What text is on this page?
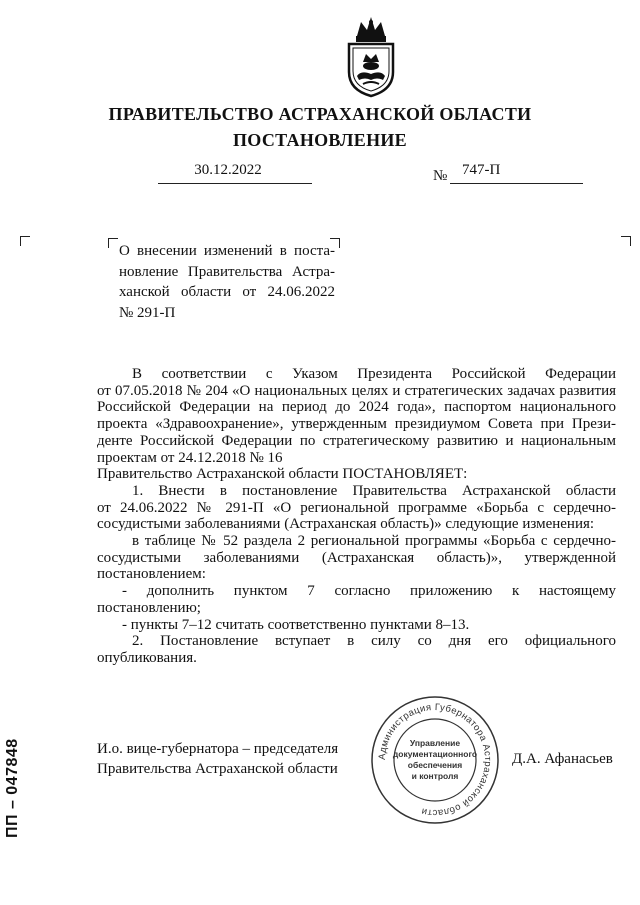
ПРАВИТЕЛЬСТВО АСТРАХАНСКОЙ ОБЛАСТИ
ПОСТАНОВЛЕНИЕ
30.12.2022	№ 747-П
О внесении изменений в поста-
новление Правительства Астра-
ханской области от 24.06.2022
№ 291-П
В соответствии с Указом Президента Российской Федерации
от 07.05.2018 № 204 «О национальных целях и стратегических задачах развития
Российской Федерации на период до 2024 года», паспортом национального
проекта «Здравоохранение», утвержденным президиумом Совета при Прези-
денте Российской Федерации по стратегическому развитию и национальным
проектам от 24.12.2018 № 16
Правительство Астраханской области ПОСТАНОВЛЯЕТ:
1. Внести в постановление Правительства Астраханской области
от 24.06.2022 № 291-П «О региональной программе «Борьба с сердечно-
сосудистыми заболеваниями (Астраханская область)» следующие изменения:
в таблице № 52 раздела 2 региональной программы «Борьба с сердечно-
сосудистыми заболеваниями (Астраханская область)», утвержденной
постановлением:
- дополнить пунктом 7 согласно приложению к настоящему
постановлению;
- пункты 7–12 считать соответственно пунктами 8–13.
2. Постановление вступает в силу со дня его официального
опубликования.
И.о. вице-губернатора – председателя
Правительства Астраханской области
Д.А. Афанасьев
Администрация Губернатора Астраханской области
Управление
документационного
обеспечения
и контроля
ПП – 047848
